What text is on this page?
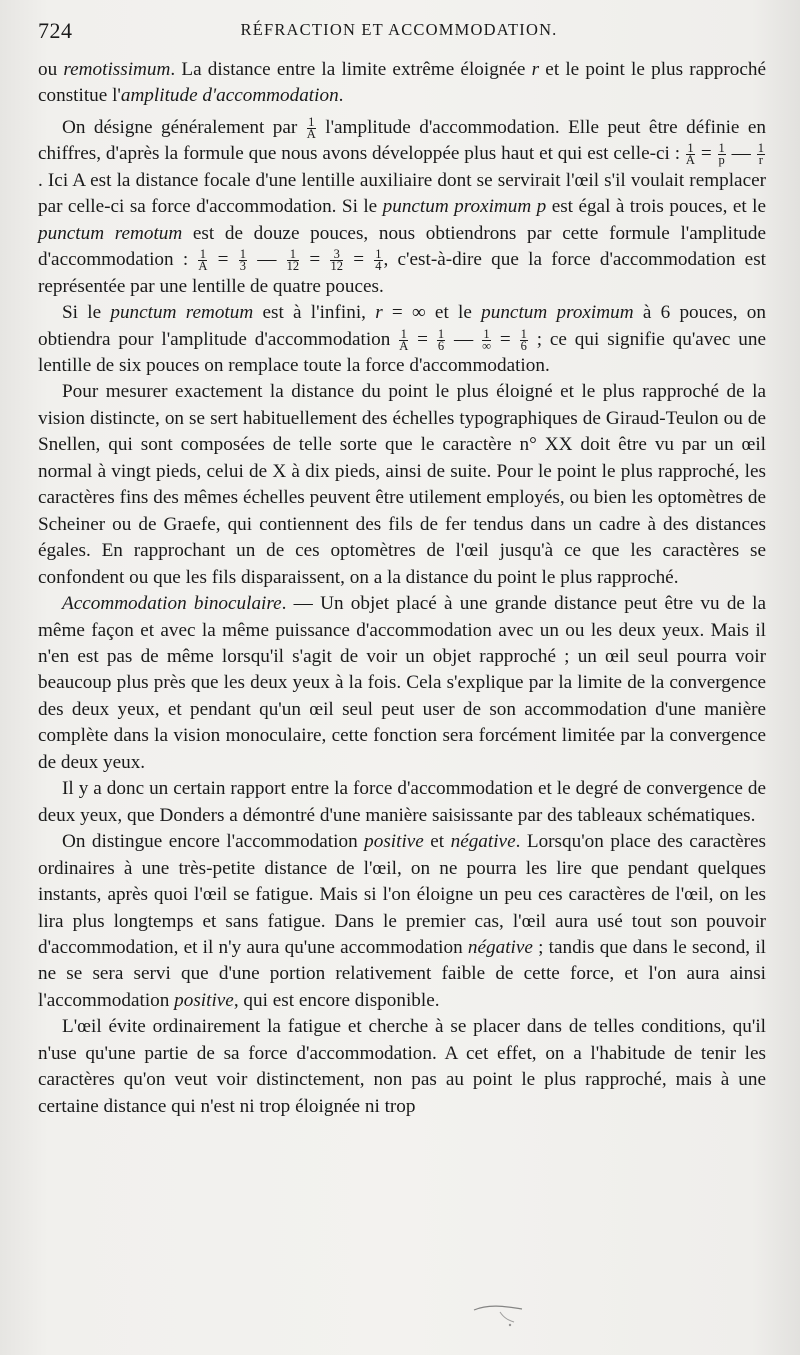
724	RÉFRACTION ET ACCOMMODATION.

ou remotissimum. La distance entre la limite extrême éloignée r et le point le plus rapproché constitue l'amplitude d'accommodation.

On désigne généralement par $\frac{1}{A}$ l'amplitude d'accommodation. Elle peut être définie en chiffres, d'après la formule que nous avons développée plus haut et qui est celle-ci : $\frac{1}{A} = \frac{1}{p}$ — $\frac{1}{r}$
. Ici A est la distance focale d'une lentille auxiliaire dont se servirait l'œil s'il voulait remplacer par celle-ci sa force d'accommodation. Si le punctum proximum p est égal à trois pouces, et le punctum remotum est de douze pouces, nous obtiendrons par cette formule l'amplitude d'accommodation : $\frac{1}{A} = \frac{1}{3}$ — $\frac{1}{12} = \frac{3}{12} = \frac{1}{4}$ , c'est-à-dire que la force d'accommodation est représentée par une lentille de quatre pouces.

Si le punctum remotum est à l'infini, r = ∞ et le punctum proximum à 6 pouces, on obtiendra pour l'amplitude d'accommodation $\frac{1}{A} = \frac{1}{6}$ — $\frac{1}{\infty} = \frac{1}{6}$ ; ce qui signifie qu'avec une lentille de six pouces on remplace toute la force d'accommodation.

Pour mesurer exactement la distance du point le plus éloigné et le plus rapproché de la vision distincte, on se sert habituellement des échelles typographiques de Giraud-Teulon ou de Snellen, qui sont composées de telle sorte que le caractère n° XX doit être vu par un œil normal à vingt pieds, celui de X à dix pieds, ainsi de suite. Pour le point le plus rapproché, les caractères fins des mêmes échelles peuvent être utilement employés, ou bien les optomètres de Scheiner ou de Graefe, qui contiennent des fils de fer tendus dans un cadre à des distances égales. En rapprochant un de ces optomètres de l'œil jusqu'à ce que les caractères se confondent ou que les fils disparaissent, on a la distance du point le plus rapproché.

Accommodation binoculaire. — Un objet placé à une grande distance peut être vu de la même façon et avec la même puissance d'accommodation avec un ou les deux yeux. Mais il n'en est pas de même lorsqu'il s'agit de voir un objet rapproché ; un œil seul pourra voir beaucoup plus près que les deux yeux à la fois. Cela s'explique par la limite de la convergence des deux yeux, et pendant qu'un œil seul peut user de son accommodation d'une manière complète dans la vision monoculaire, cette fonction sera forcément limitée par la convergence de deux yeux.

Il y a donc un certain rapport entre la force d'accommodation et le degré de convergence de deux yeux, que Donders a démontré d'une manière saisissante par des tableaux schématiques.

On distingue encore l'accommodation positive et négative. Lorsqu'on place des caractères ordinaires à une très-petite distance de l'œil, on ne pourra les lire que pendant quelques instants, après quoi l'œil se fatigue. Mais si l'on éloigne un peu ces caractères de l'œil, on les lira plus longtemps et sans fatigue. Dans le premier cas, l'œil aura usé tout son pouvoir d'accommodation, et il n'y aura qu'une accommodation négative ; tandis que dans le second, il ne se sera servi que d'une portion relativement faible de cette force, et l'on aura ainsi l'accommodation positive, qui est encore disponible.

L'œil évite ordinairement la fatigue et cherche à se placer dans de telles conditions, qu'il n'use qu'une partie de sa force d'accommodation. A cet effet, on a l'habitude de tenir les caractères qu'on veut voir distinctement, non pas au point le plus rapproché, mais à une certaine distance qui n'est ni trop éloignée ni trop
